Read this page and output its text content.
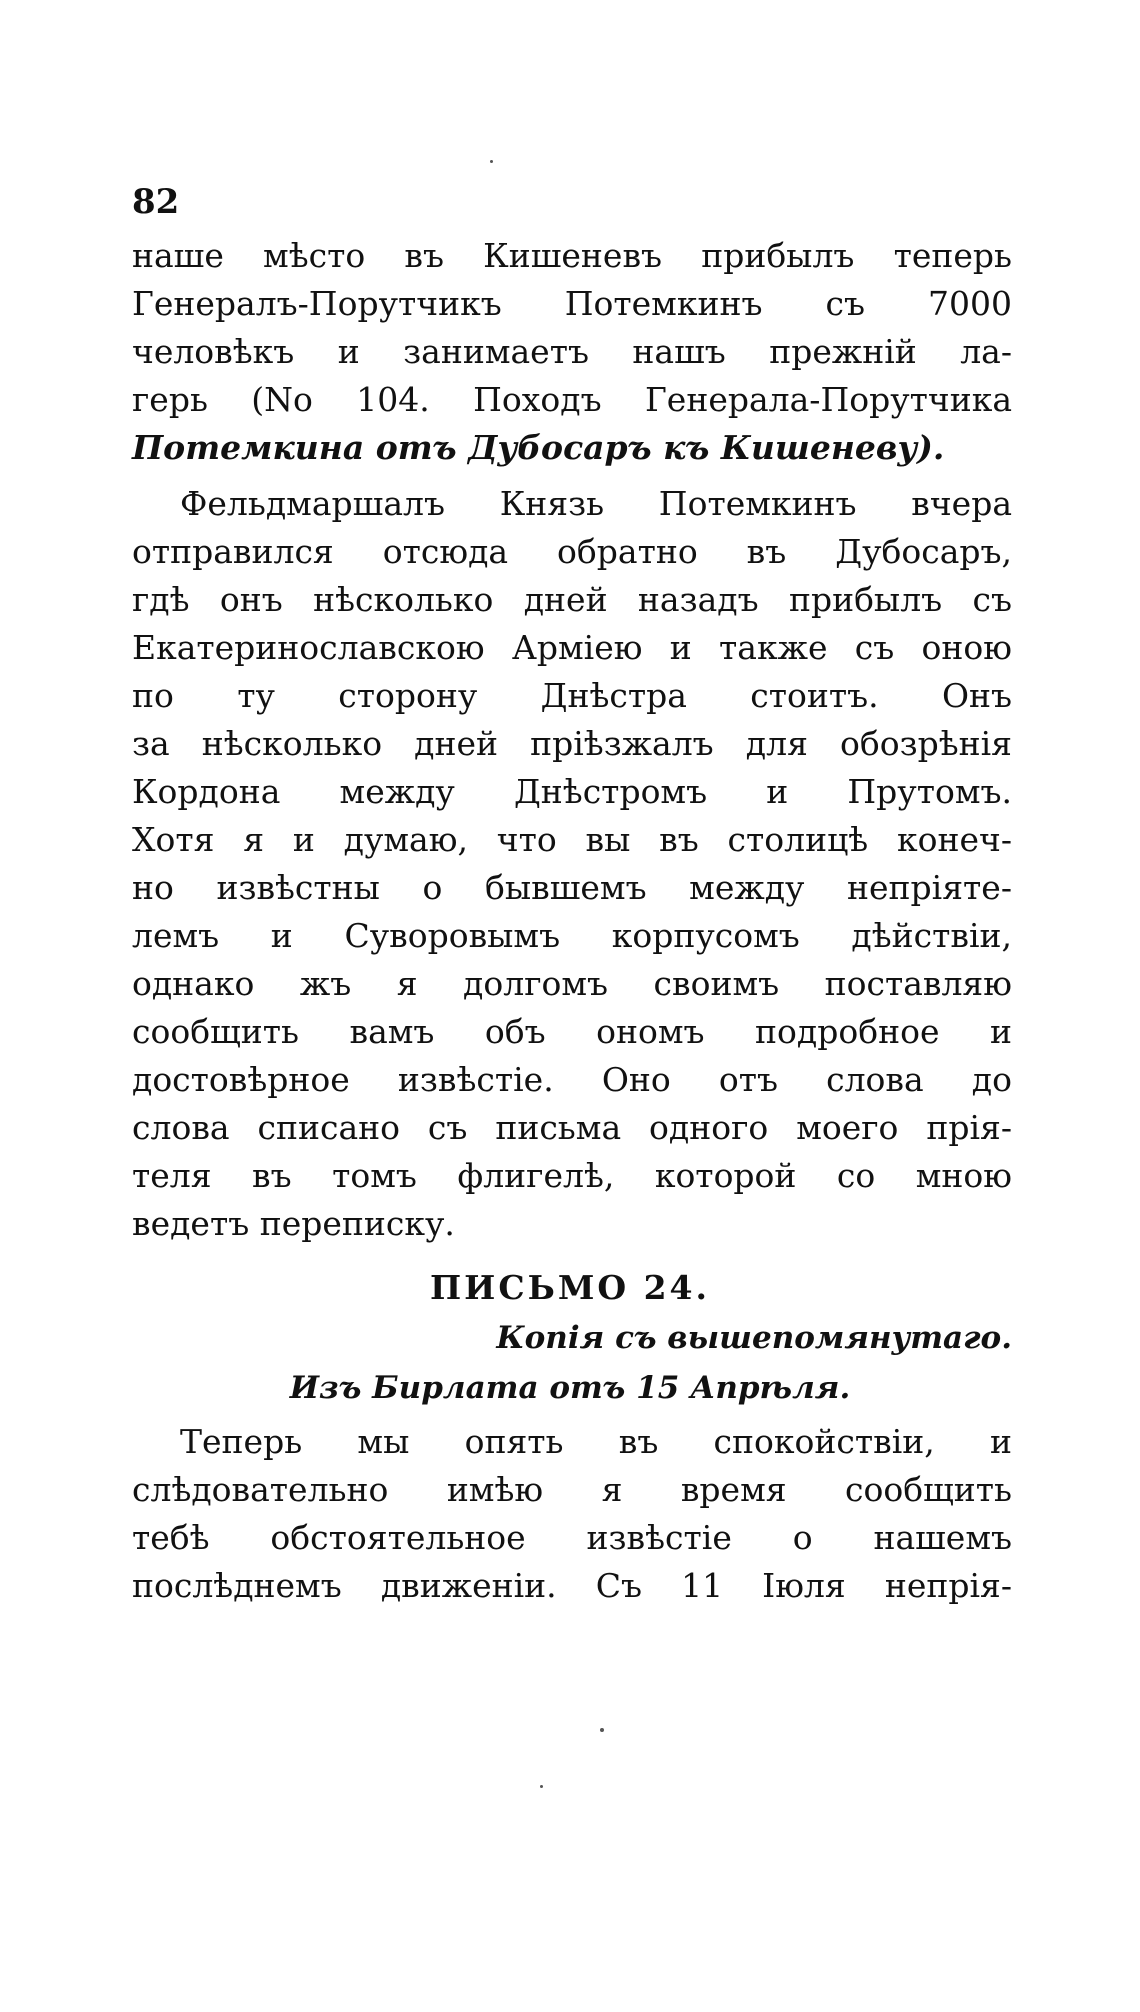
82
наше мѣсто въ Кишеневъ прибылъ теперь
Генералъ-Порутчикъ Потемкинъ съ 7000
человѣкъ и занимаетъ нашъ прежній ла-
герь (No 104. Походъ Генерала-Порутчика
Потемкина отъ Дубосаръ къ Кишеневу).
Фельдмаршалъ Князь Потемкинъ вчера
отправился отсюда обратно въ Дубосаръ,
гдѣ онъ нѣсколько дней назадъ прибылъ съ
Екатеринославскою Арміею и также съ оною
по ту сторону Днѣстра стоитъ. Онъ
за нѣсколько дней пріѣзжалъ для обозрѣнія
Кордона между Днѣстромъ и Прутомъ.
Хотя я и думаю, что вы въ столицѣ конеч-
но извѣстны о бывшемъ между непріяте-
лемъ и Суворовымъ корпусомъ дѣйствіи,
однако жъ я долгомъ своимъ поставляю
сообщить вамъ объ ономъ подробное и
достовѣрное извѣстіе. Оно отъ слова до
слова списано съ письма одного моего прія-
теля въ томъ флигелѣ, которой со мною
ведетъ переписку.
ПИСЬМО 24.
Копія съ вышепомянутаго.
Изъ Бирлата отъ 15 Апрѣля.
Теперь мы опять въ спокойствіи, и
слѣдовательно имѣю я время сообщить
тебѣ обстоятельное извѣстіе о нашемъ
послѣднемъ движеніи. Съ 11 Іюля непрія-
